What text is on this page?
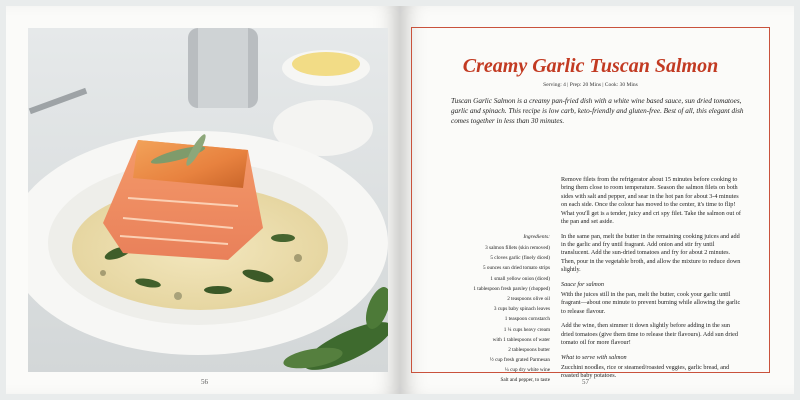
56
Creamy Garlic Tuscan Salmon
Serving: 4 | Prep: 20 Mins | Cook: 30 Mins
Tuscan Garlic Salmon is a creamy pan-fried dish with a white wine based sauce, sun dried tomatoes, garlic and spinach. This recipe is low carb, keto-friendly and gluten-free. Best of all, this elegant dish comes together in less than 30 minutes.
Ingredients:
3 salmon fillets (skin removed)
5 cloves garlic (finely diced)
5 ounces sun dried tomato strips
1 small yellow onion (diced)
1 tablespoon fresh parsley (chopped)
2 teaspoons olive oil
3 cups baby spinach leaves
1 teaspoon cornstarch
1 ¼ cups heavy cream
with 1 tablespoons of water
2 tablespoons butter
½ cup fresh grated Parmesan
¼ cup dry white wine
Salt and pepper, to taste

Remove filets from the refrigerator about 15 minutes before cooking to bring them close to room temperature. Season the salmon filets on both sides with salt and pepper, and sear in the hot pan for about 3-4 minutes on each side. Once the colour has moved to the center, it's time to flip! What you'll get is a tender, juicy and cri spy filet. Take the salmon out of the pan and set aside.

In the same pan, melt the butter in the remaining cooking juices and add in the garlic and fry until fragrant. Add onion and stir fry until translucent. Add the sun-dried tomatoes and fry for about 2 minutes. Then, pour in the vegetable broth, and allow the mixture to reduce down slightly.

Sauce for salmon

With the juices still in the pan, melt the butter, cook your garlic until fragrant—about one minute to prevent burning while allowing the garlic to release flavour.

Add the wine, then simmer it down slightly before adding in the sun dried tomatoes (give them time to release their flavours). Add sun dried tomato oil for more flavour!

What to serve with salmon

Zucchini noodles, rice or steamed/roasted veggies, garlic bread, and roasted baby potatoes.

57
